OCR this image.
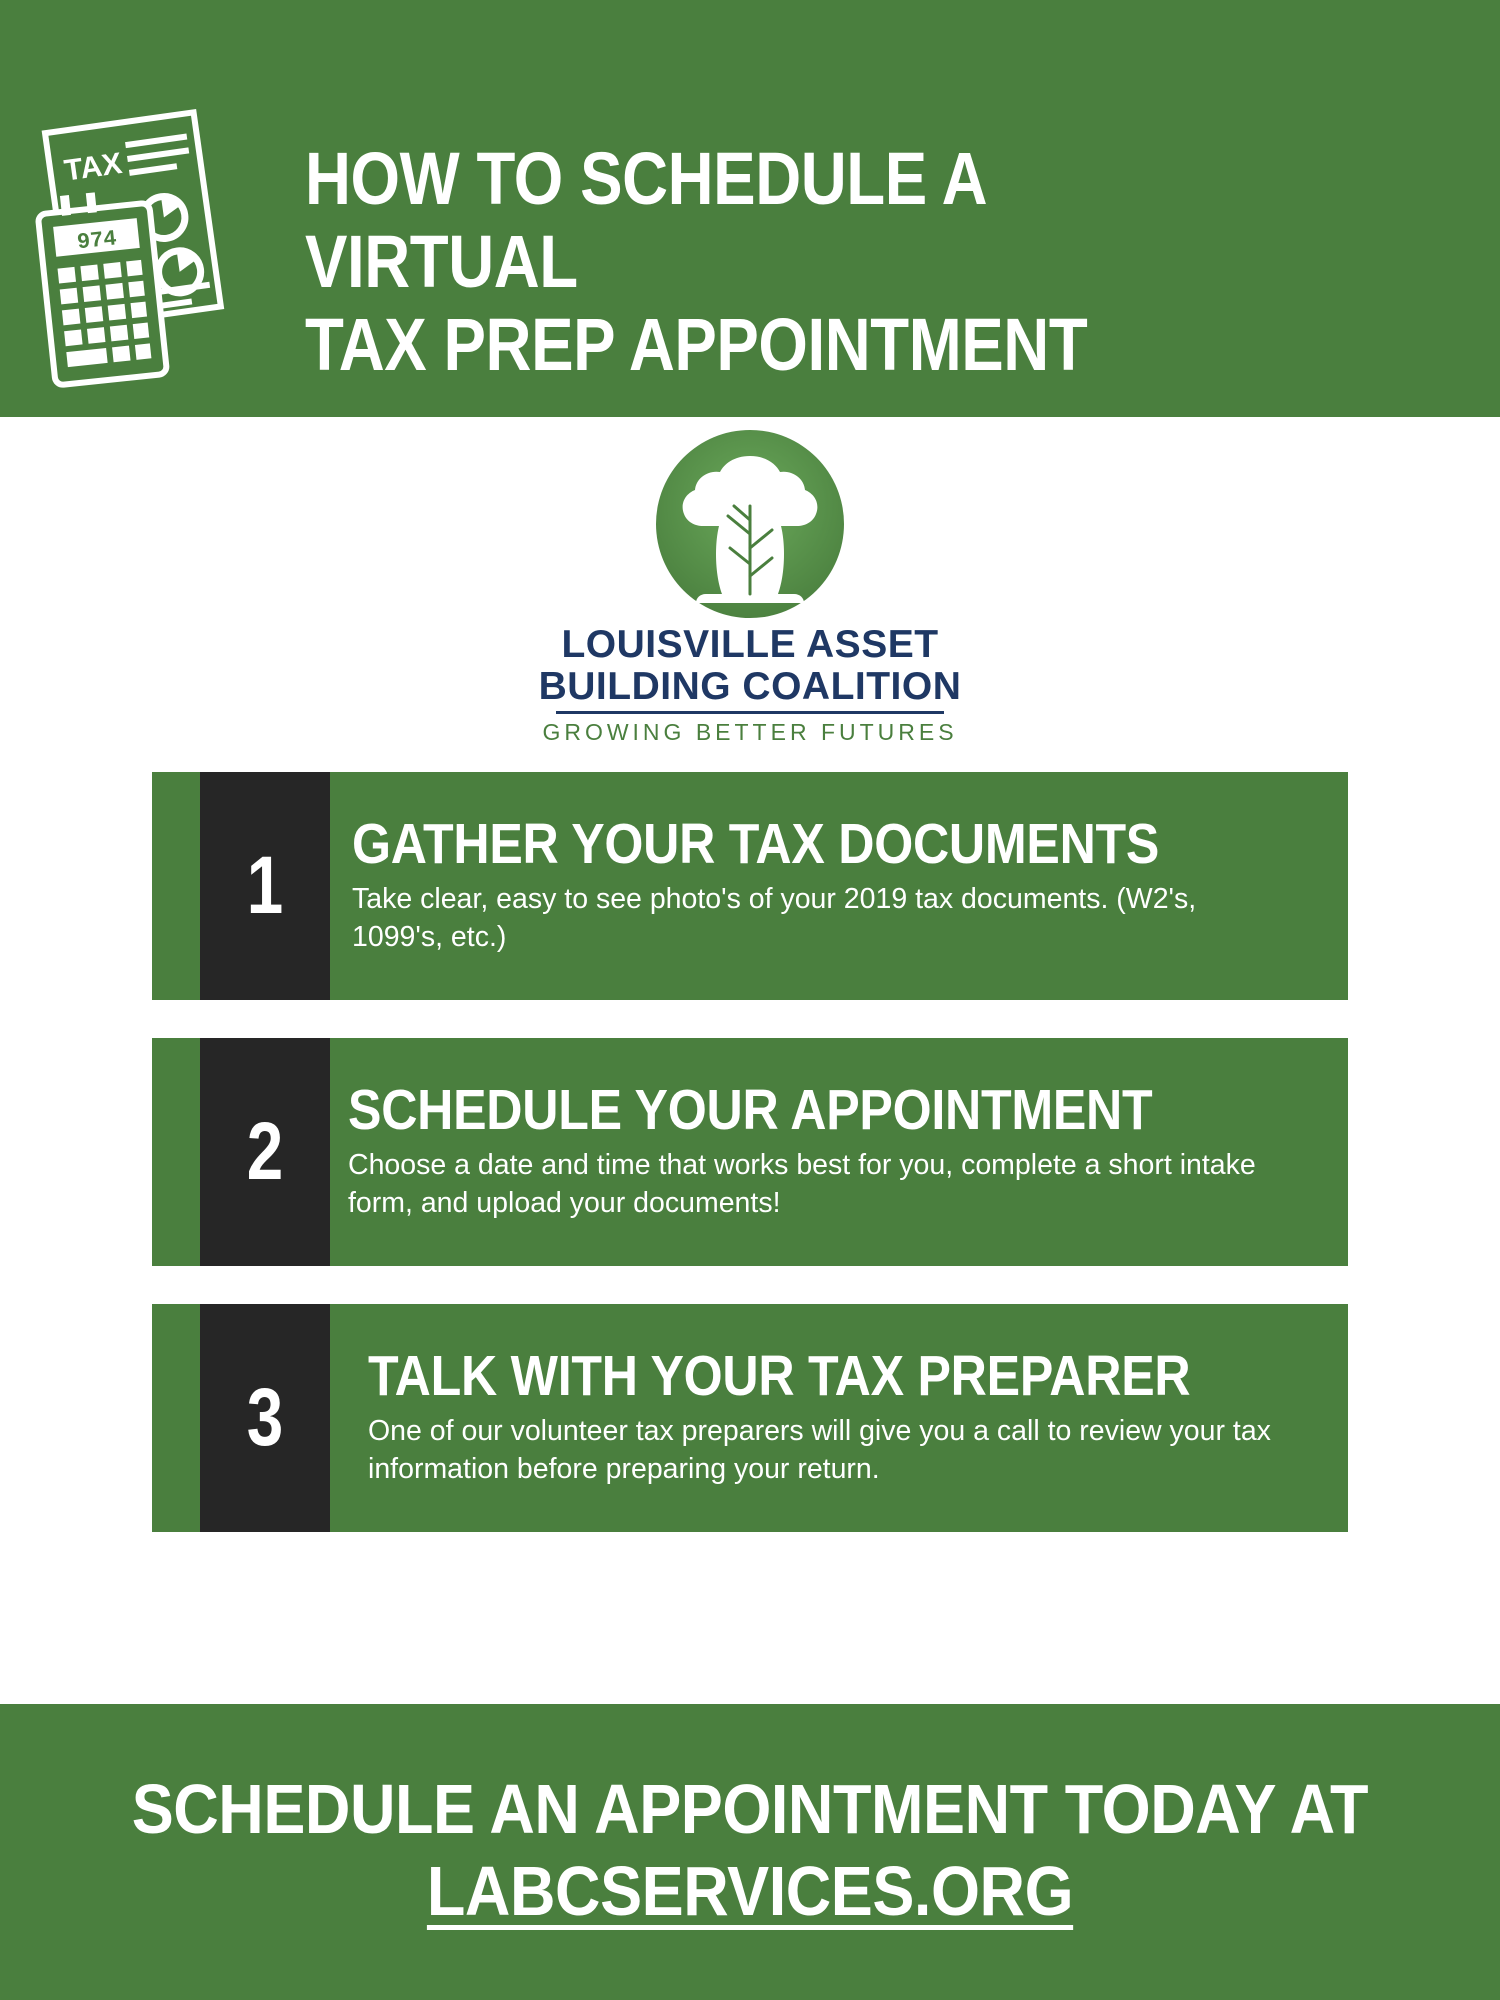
TAX
974
HOW TO SCHEDULE A VIRTUAL
TAX PREP APPOINTMENT
LOUISVILLE ASSET
BUILDING COALITION
GROWING BETTER FUTURES
1	GATHER YOUR TAX DOCUMENTS
Take clear, easy to see photo's of your 2019 tax documents. (W2's, 1099's, etc.)
2	SCHEDULE YOUR APPOINTMENT
Choose a date and time that works best for you, complete a short intake form, and upload your documents!
3	TALK WITH YOUR TAX PREPARER
One of our volunteer tax preparers will give you a call to review your tax information before preparing your return.
SCHEDULE AN APPOINTMENT TODAY AT
LABCSERVICES.ORG
